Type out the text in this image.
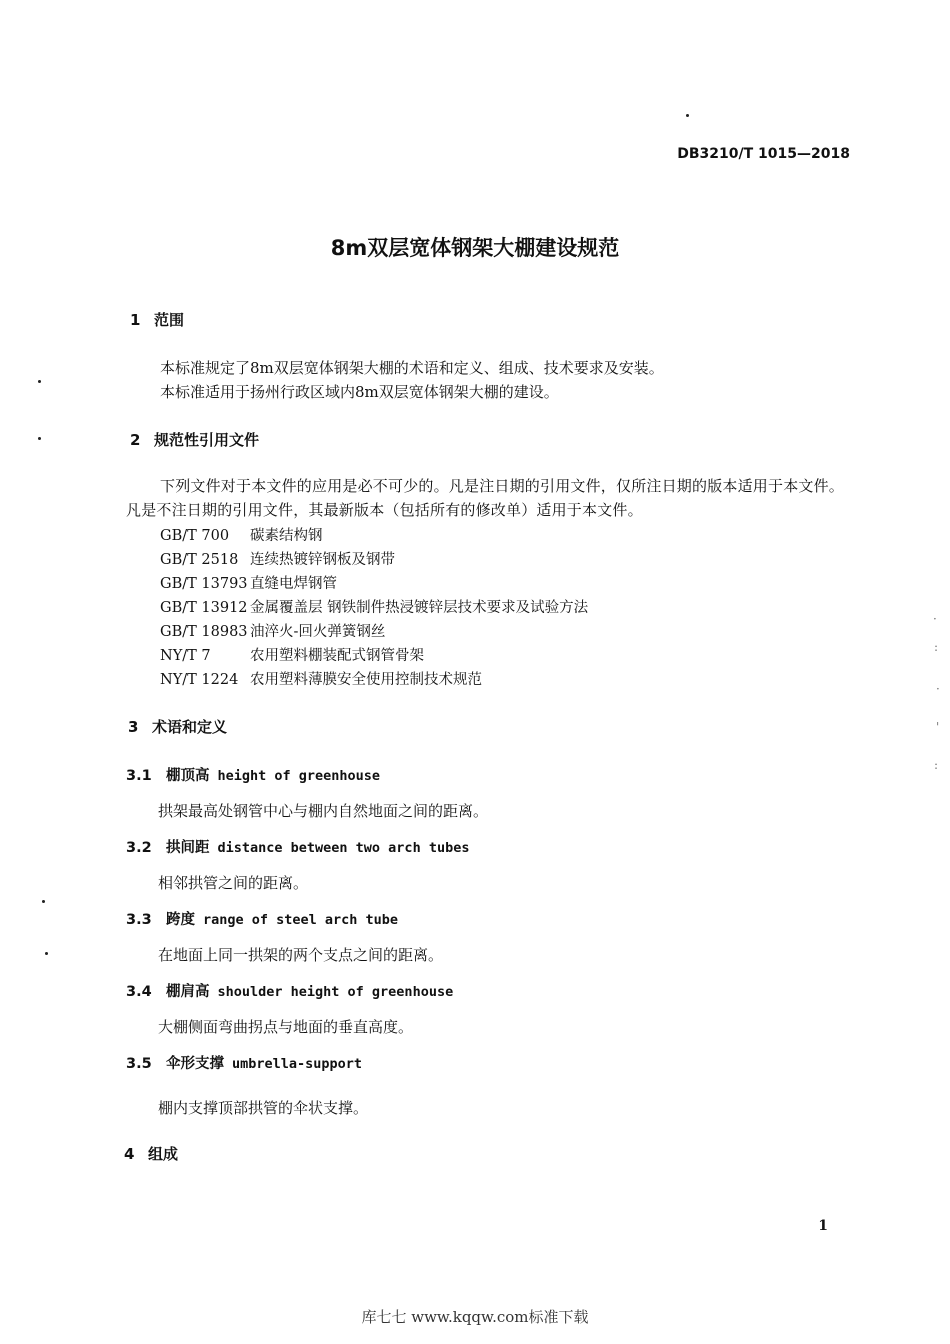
DB3210/T 1015—2018
8m双层宽体钢架大棚建设规范
1 范围
本标准规定了8m双层宽体钢架大棚的术语和定义、组成、技术要求及安装。
本标准适用于扬州行政区域内8m双层宽体钢架大棚的建设。
2 规范性引用文件
下列文件对于本文件的应用是必不可少的。凡是注日期的引用文件，仅所注日期的版本适用于本文件。凡是不注日期的引用文件，其最新版本（包括所有的修改单）适用于本文件。
GB/T 700 碳素结构钢
GB/T 2518 连续热镀锌钢板及钢带
GB/T 13793 直缝电焊钢管
GB/T 13912 金属覆盖层 钢铁制件热浸镀锌层技术要求及试验方法
GB/T 18983 油淬火-回火弹簧钢丝
NY/T 7	农用塑料棚装配式钢管骨架
NY/T 1224 农用塑料薄膜安全使用控制技术规范
3 术语和定义
3.1 棚顶高 height of greenhouse
拱架最高处钢管中心与棚内自然地面之间的距离。
3.2 拱间距 distance between two arch tubes
相邻拱管之间的距离。
3.3 跨度 range of steel arch tube
在地面上同一拱架的两个支点之间的距离。
3.4 棚肩高 shoulder height of greenhouse
大棚侧面弯曲拐点与地面的垂直高度。
3.5 伞形支撑 umbrella-support
棚内支撑顶部拱管的伞状支撑。
4 组成
·
:
·
'
:
1
库七七 www.kqqw.com标准下载
